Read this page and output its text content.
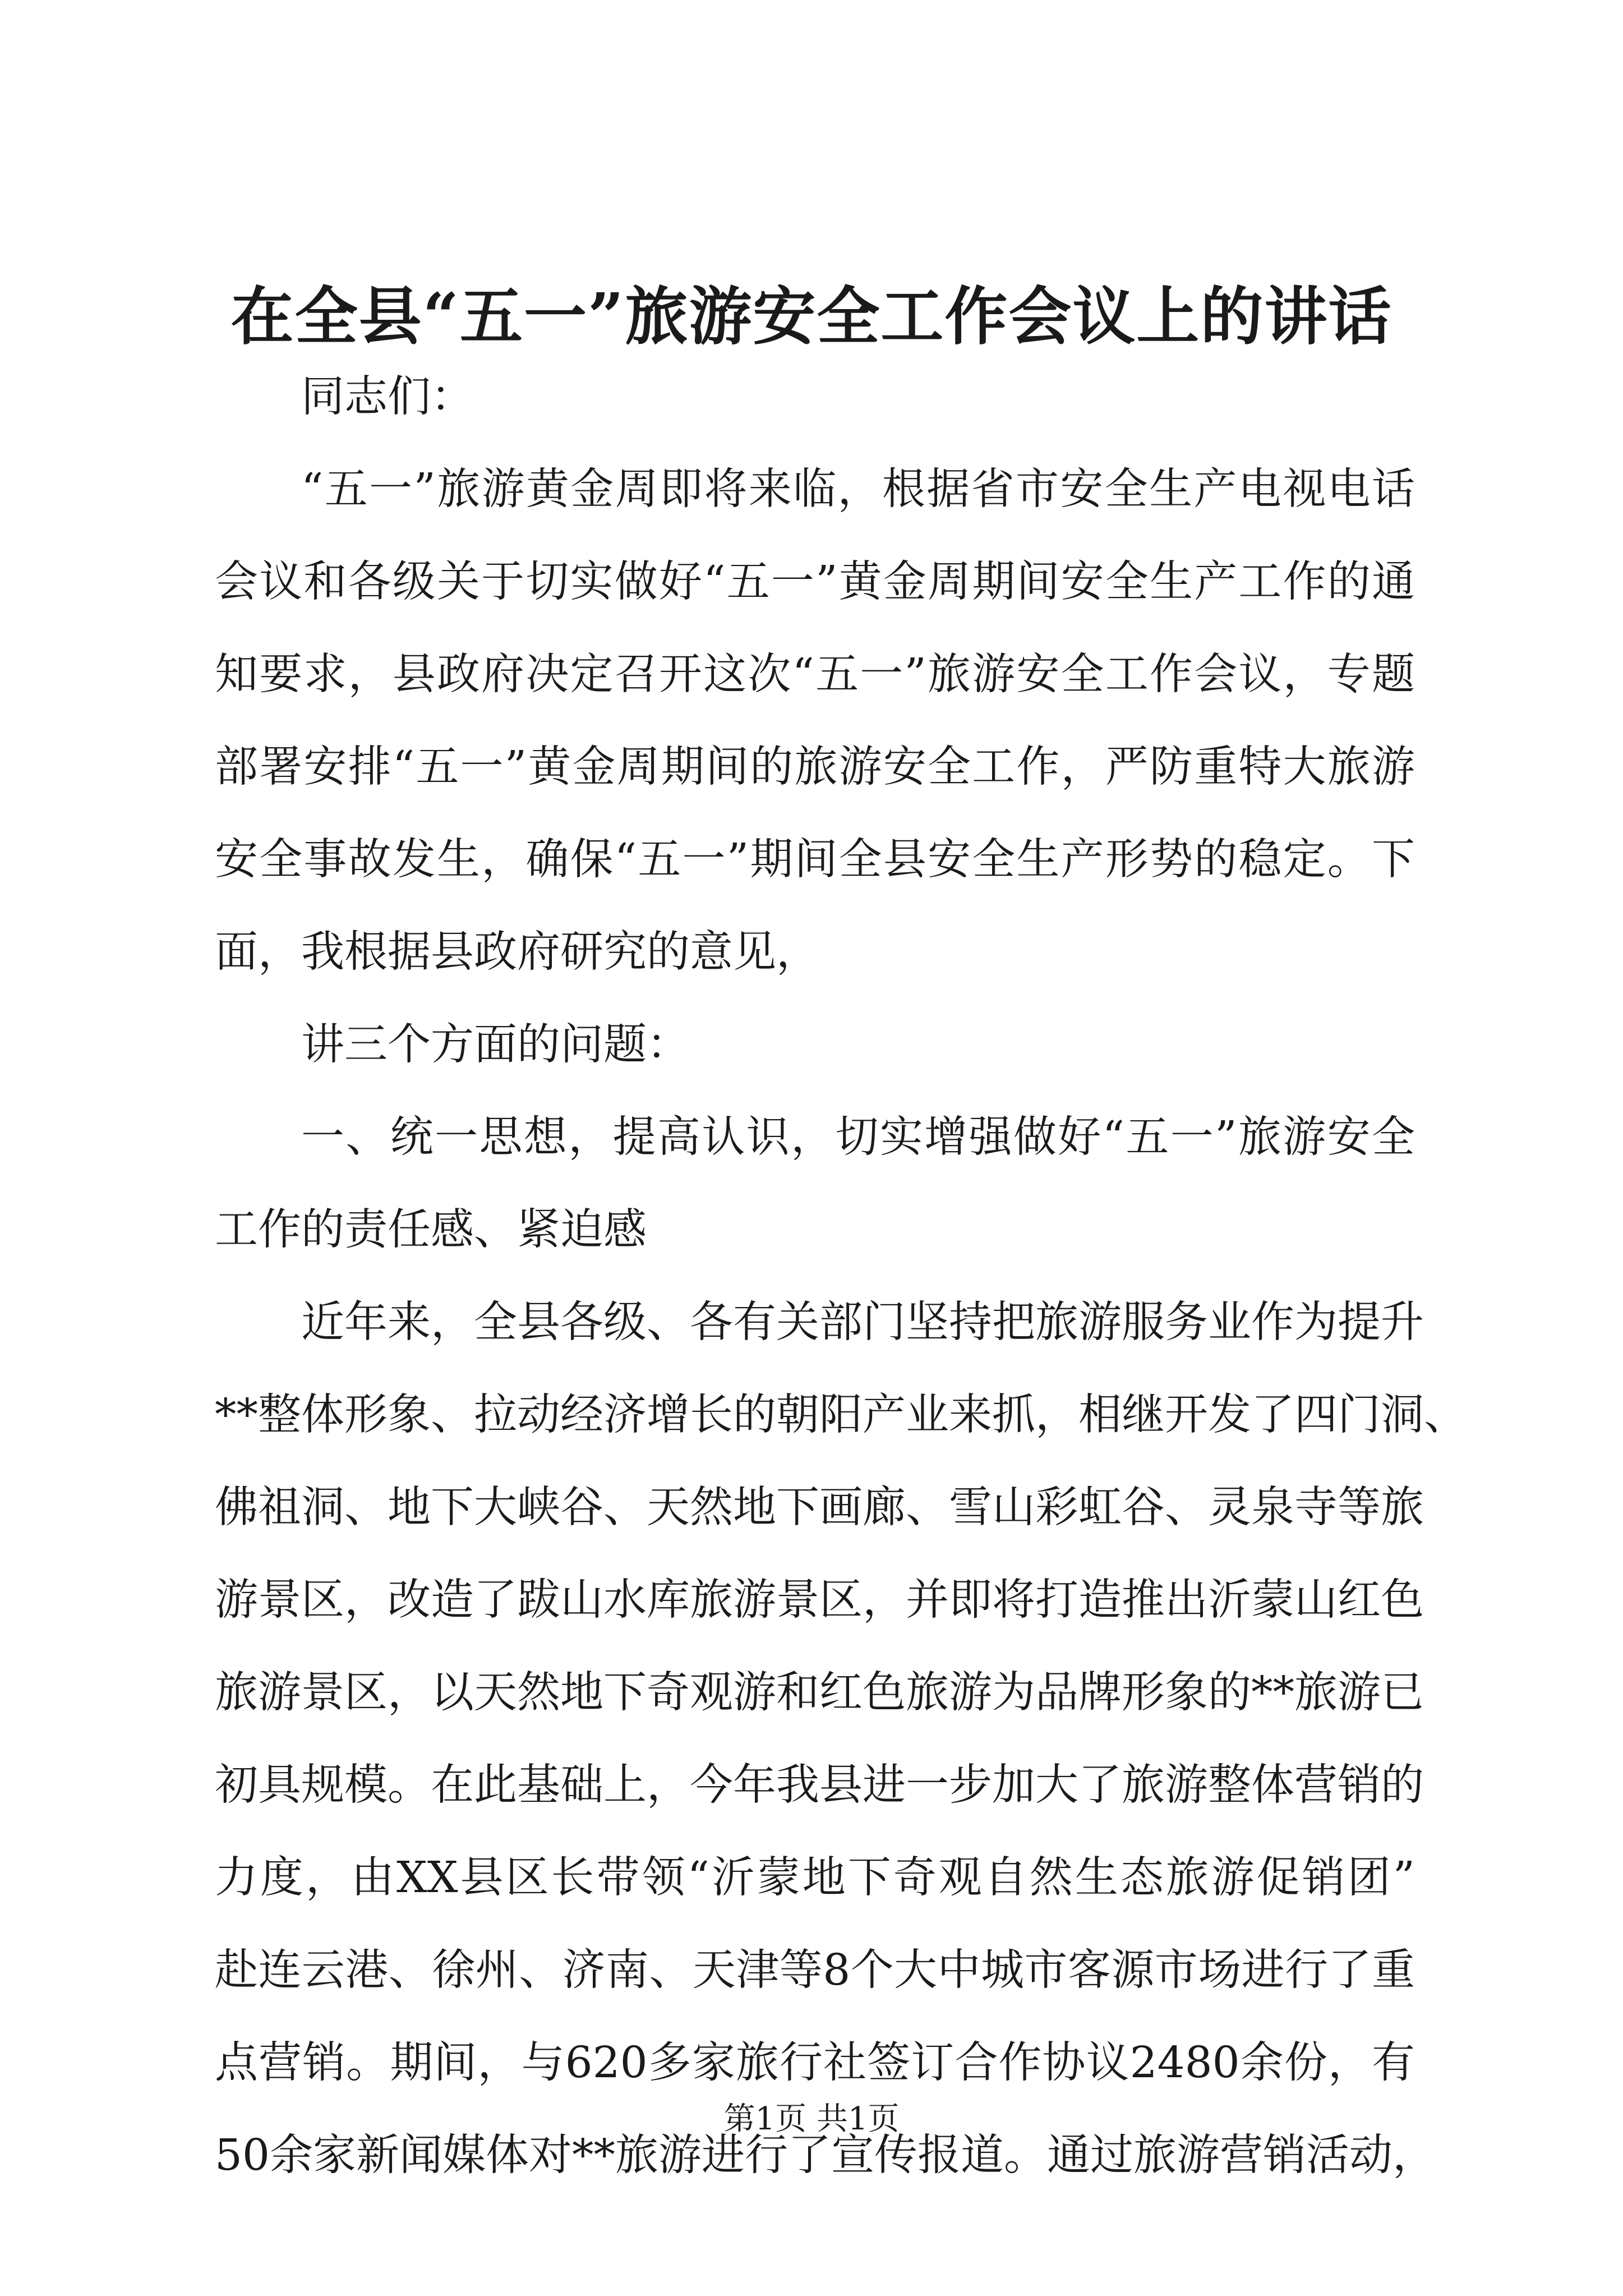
在全县“五一”旅游安全工作会议上的讲话
同志们：
“五一”旅游黄金周即将来临，根据省市安全生产电视电话
会议和各级关于切实做好“五一”黄金周期间安全生产工作的通
知要求，县政府决定召开这次“五一”旅游安全工作会议，专题
部署安排“五一”黄金周期间的旅游安全工作，严防重特大旅游
安全事故发生，确保“五一”期间全县安全生产形势的稳定。下
面，我根据县政府研究的意见，
讲三个方面的问题：
一、统一思想，提高认识，切实增强做好“五一”旅游安全
工作的责任感、紧迫感
近年来，全县各级、各有关部门坚持把旅游服务业作为提升
**整体形象、拉动经济增长的朝阳产业来抓，相继开发了四门洞、
佛祖洞、地下大峡谷、天然地下画廊、雪山彩虹谷、灵泉寺等旅
游景区，改造了跋山水库旅游景区，并即将打造推出沂蒙山红色
旅游景区，以天然地下奇观游和红色旅游为品牌形象的**旅游已
初具规模。在此基础上，今年我县进一步加大了旅游整体营销的
力度，由XX县区长带领“沂蒙地下奇观自然生态旅游促销团”
赴连云港、徐州、济南、天津等8个大中城市客源市场进行了重
点营销。期间，与620多家旅行社签订合作协议2480余份，有
50余家新闻媒体对**旅游进行了宣传报道。通过旅游营销活动，
第1页 共1页
